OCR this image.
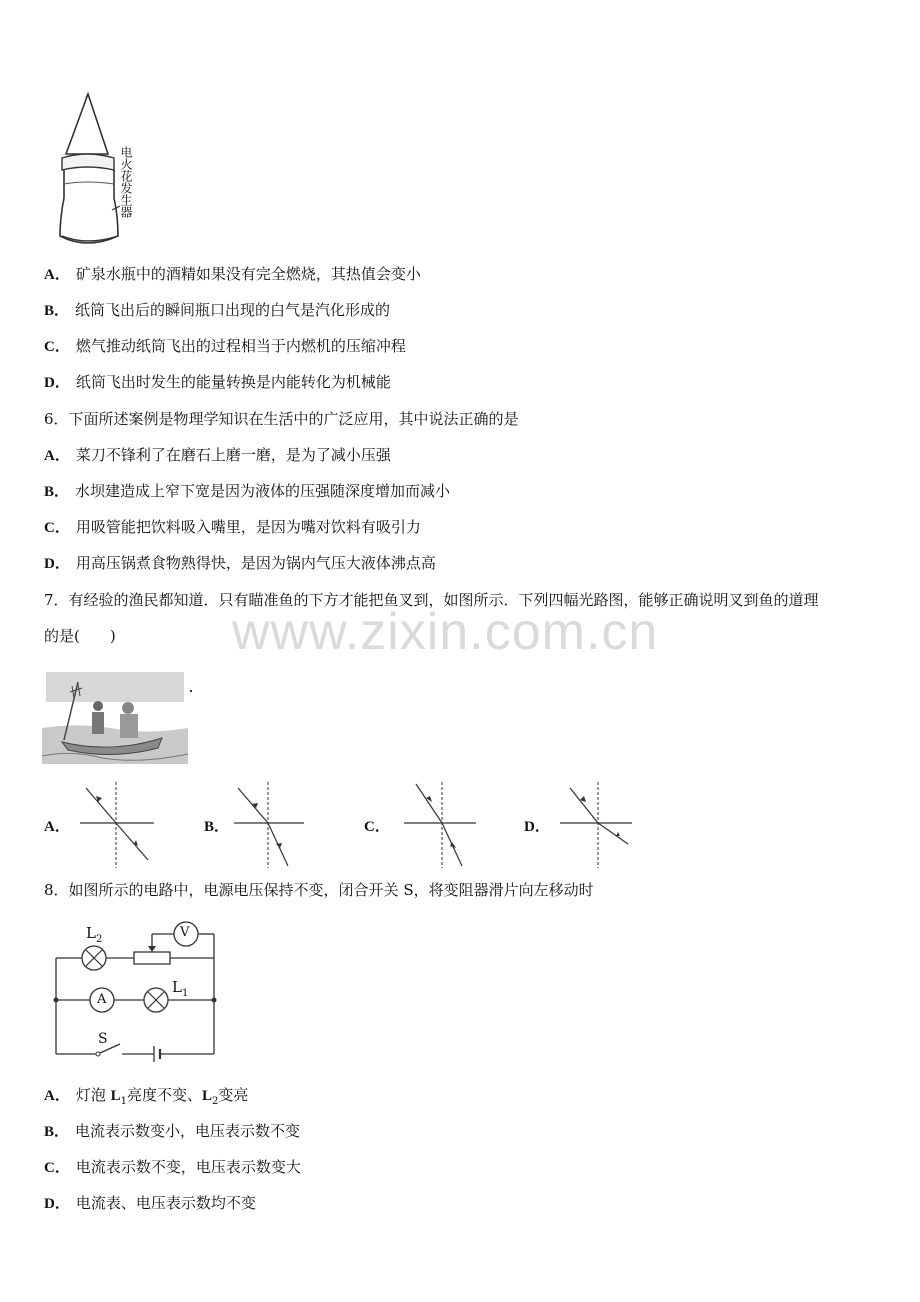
电火花发生器
A． 矿泉水瓶中的酒精如果没有完全燃烧，其热值会变小
B． 纸筒飞出后的瞬间瓶口出现的白气是汽化形成的
C． 燃气推动纸筒飞出的过程相当于内燃机的压缩冲程
D． 纸筒飞出时发生的能量转换是内能转化为机械能
6．下面所述案例是物理学知识在生活中的广泛应用，其中说法正确的是
A． 菜刀不锋利了在磨石上磨一磨，是为了减小压强
B． 水坝建造成上窄下宽是因为液体的压强随深度增加而减小
C． 用吸管能把饮料吸入嘴里，是因为嘴对饮料有吸引力
D． 用高压锅煮食物熟得快，是因为锅内气压大液体沸点高
7．有经验的渔民都知道．只有瞄准鱼的下方才能把鱼叉到，如图所示．下列四幅光路图，能够正确说明叉到鱼的道理
的是(　　) www.zixin.com.cn
A．	B．	C．	D．
8．如图所示的电路中，电源电压保持不变，闭合开关 S，将变阻器滑片向左移动时
$L_2$	V
A
$L_1$
S
A． 灯泡 $L_1$亮度不变、$L_2$变亮
B． 电流表示数变小，电压表示数不变
C． 电流表示数不变，电压表示数变大
D． 电流表、电压表示数均不变
